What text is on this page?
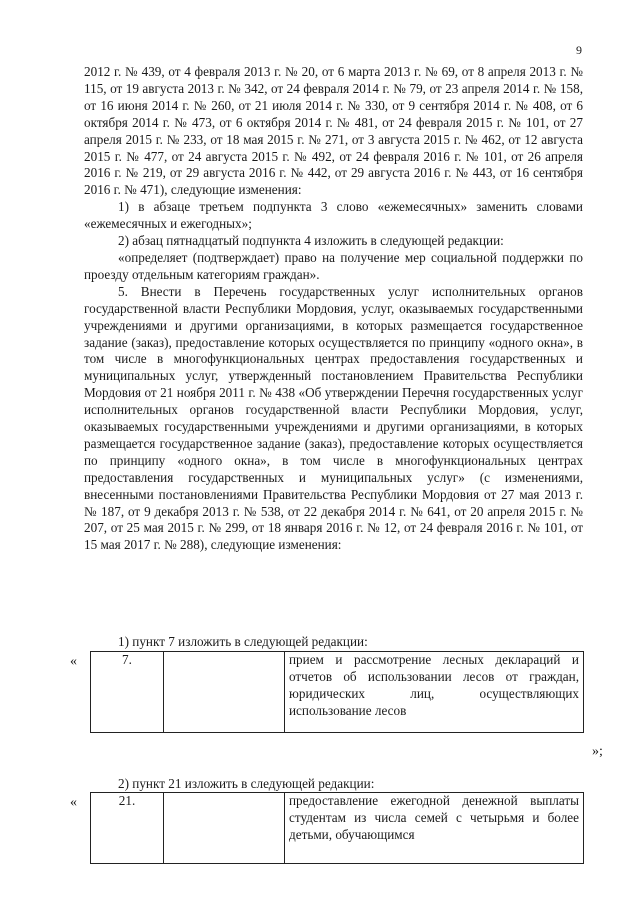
9

2012 г. № 439, от 4 февраля 2013 г. № 20, от 6 марта 2013 г. № 69, от 8 апреля 2013 г. № 115, от 19 августа 2013 г. № 342, от 24 февраля 2014 г. № 79, от 23 апреля 2014 г. № 158, от 16 июня 2014 г. № 260, от 21 июля 2014 г. № 330, от 9 сентября 2014 г. № 408, от 6 октября 2014 г. № 473, от 6 октября 2014 г. № 481, от 24 февраля 2015 г. № 101, от 27 апреля 2015 г. № 233, от 18 мая 2015 г. № 271, от 3 августа 2015 г. № 462, от 12 августа 2015 г. № 477, от 24 августа 2015 г. № 492, от 24 февраля 2016 г. № 101, от 26 апреля 2016 г. № 219, от 29 августа 2016 г. № 442, от 29 августа 2016 г. № 443, от 16 сентября 2016 г. № 471), следующие изменения:

1) в абзаце третьем подпункта 3 слово «ежемесячных» заменить словами «ежемесячных и ежегодных»;

2) абзац пятнадцатый подпункта 4 изложить в следующей редакции:

«определяет (подтверждает) право на получение мер социальной поддержки по проезду отдельным категориям граждан».

5. Внести в Перечень государственных услуг исполнительных органов государственной власти Республики Мордовия, услуг, оказываемых государственными учреждениями и другими организациями, в которых размещается государственное задание (заказ), предоставление которых осуществляется по принципу «одного окна», в том числе в многофункциональных центрах предоставления государственных и муниципальных услуг, утвержденный постановлением Правительства Республики Мордовия от 21 ноября 2011 г. № 438 «Об утверждении Перечня государственных услуг исполнительных органов государственной власти Республики Мордовия, услуг, оказываемых государственными учреждениями и другими организациями, в которых размещается государственное задание (заказ), предоставление которых осуществляется по принципу «одного окна», в том числе в многофункциональных центрах предоставления государственных и муниципальных услуг» (с изменениями, внесенными постановлениями Правительства Республики Мордовия от 27 мая 2013 г. № 187, от 9 декабря 2013 г. № 538, от 22 декабря 2014 г. № 641, от 20 апреля 2015 г. № 207, от 25 мая 2015 г. № 299, от 18 января 2016 г. № 12, от 24 февраля 2016 г. № 101, от 15 мая 2017 г. № 288), следующие изменения:

1) пункт 7 изложить в следующей редакции:
«	7.		прием и рассмотрение лесных деклараций и отчетов об использовании лесов от граждан, юридических лиц, осуществляющих использование лесов
»;
2) пункт 21 изложить в следующей редакции:
«	21.		предоставление ежегодной денежной выплаты студентам из числа семей с четырьмя и более детьми, обучающимся
